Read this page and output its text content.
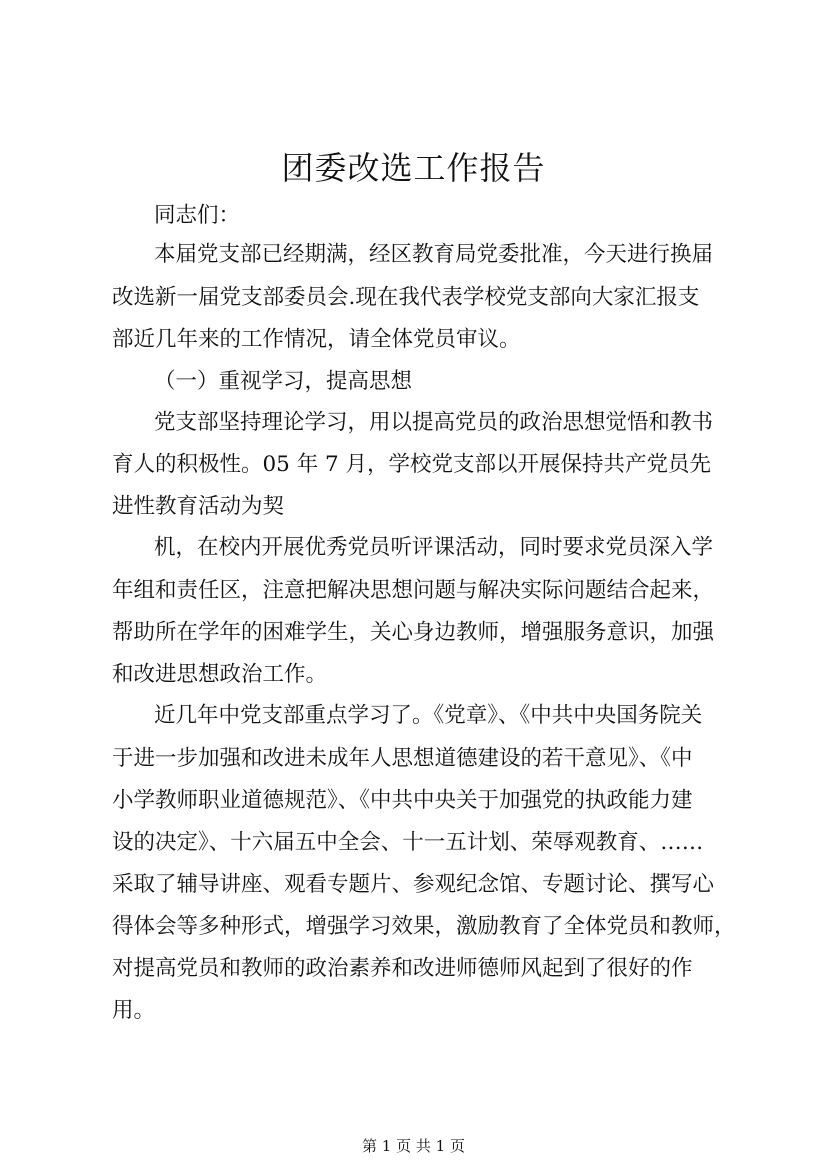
团委改选工作报告
同志们：
本届党支部已经期满，经区教育局党委批准，今天进行换届
改选新一届党支部委员会.现在我代表学校党支部向大家汇报支
部近几年来的工作情况，请全体党员审议。
（一）重视学习，提高思想
党支部坚持理论学习，用以提高党员的政治思想觉悟和教书
育人的积极性。05 年 7 月，学校党支部以开展保持共产党员先
进性教育活动为契
机，在校内开展优秀党员听评课活动，同时要求党员深入学
年组和责任区，注意把解决思想问题与解决实际问题结合起来，
帮助所在学年的困难学生，关心身边教师，增强服务意识，加强
和改进思想政治工作。
近几年中党支部重点学习了。《党章》、《中共中央国务院关
于进一步加强和改进未成年人思想道德建设的若干意见》、《中
小学教师职业道德规范》、《中共中央关于加强党的执政能力建
设的决定》、十六届五中全会、十一五计划、荣辱观教育、……
采取了辅导讲座、观看专题片、参观纪念馆、专题讨论、撰写心
得体会等多种形式，增强学习效果，激励教育了全体党员和教师，
对提高党员和教师的政治素养和改进师德师风起到了很好的作
用。
第 1 页 共 1 页
